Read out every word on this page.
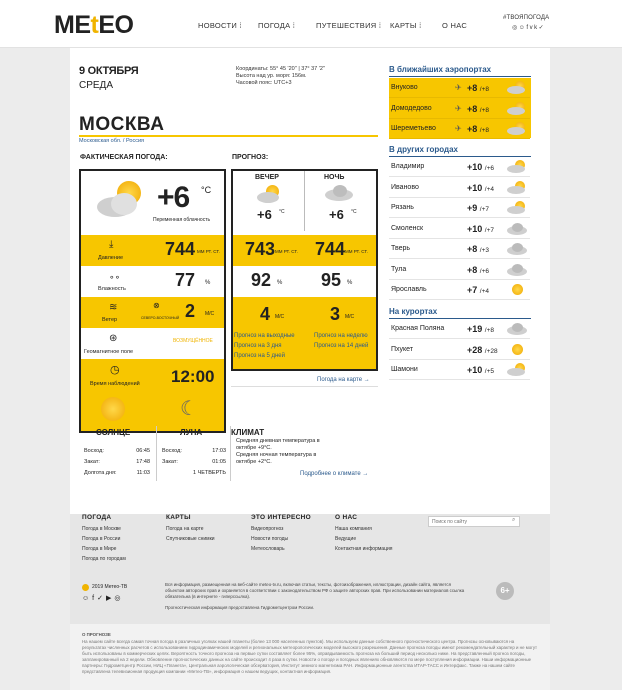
MEtEO	НОВОСТИ ⁞ ПОГОДА ⁞	ПУТЕШЕСТВИЯ ⁞ КАРТЫ ⁞	О НАС
#ТВОЯПОГОДА
◎☺fvk✓
9 ОКТЯБРЯ
СРЕДА
Координаты: 55° 45 '20'' | 37° 37 '2''
Высота над ур. моря: 156м.
Часовой пояс: UTC+3
МОСКВА
Московская обл. / Россия
ФАКТИЧЕСКАЯ ПОГОДА:
+6 °C
Переменная облачность
⤓
Давление 744 ММ РТ. СТ.
∘∘
Влажность	77 %
≋
Ветер
⊗
СЕВЕРО-ВОСТОЧНЫЙ 2 М/С
⊛
Геомагнитное поле
ВОЗМУЩЁННОЕ
◷
Время наблюдений 12:00
ПРОГНОЗ:
ВЕЧЕР	НОЧЬ
+6	+6
°C	°C
743 ММ РТ. СТ. 744 ММ РТ. СТ.
92 % 95 %
4 М/С	3 М/С
Прогноз на выходные
Прогноз на 3 дня
Прогноз на 5 дней
Прогноз на неделю
Прогноз на 14 дней
Погода на карте →
☾
СОЛНЦЕ	ЛУНА	КЛИМАТ
Восход:	06:45
Закат:	17:48
Долгота дня:	11:03
Восход:	17:03
Закат:	01:05
1 ЧЕТВЕРТЬ
Средняя дневная температура в октябре +9°C.
Средняя ночная температура в октябре +2°C.
Подробнее о климате →
В ближайших аэропортах
Внуково	✈ +8 /+8
Домодедово	✈ +8 /+8
Шереметьево ✈ +8 /+8
В других городах
Владимир	+10 /+6
Иваново	+10 /+4
Рязань	+9 /+7
Смоленск	+10 /+7
Тверь	+8 /+3
Тула	+8 /+6
Ярославль	+7 /+4
На курортах
Красная Поляна	+19 /+8
Пхукет	+28 /+28
Шамони	+10 /+5
ПОГОДА
Погода в Москве
Погода в России
Погода в Мире
Погода по городам
КАРТЫ
Погода на карте
Спутниковые снимки
ЭТО ИНТЕРЕСНО
Видеопрогноз
Новости погоды
Метеословарь
О НАС
Наша компания
Ведущие
Контактная информация
Поиск по сайту
⌕
2019 Метео-ТВ
☺f✓▶◎
Вся информация, размещенная на веб-сайте meteo-tv.ru, включая статьи, тексты, фотоизображения, иллюстрации, дизайн сайта, является объектом авторских прав и охраняется в соответствии с законодательством РФ о защите авторских прав. При использовании материалов ссылка обязательна (в интернете - гиперссылка).
Прогностическая информация предоставлена Гидрометцентром России.
6+
О ПРОГНОЗЕ
На нашем сайте всегда самая точная погода в различных уголках нашей планеты (более 13 000 населенных пунктов). Мы используем данные собственного прогностического центра. Прогнозы основываются на результатах численных расчетов с использованием гидродинамических моделей и региональных метеорологических моделей высокого разрешения. Данные прогноза погоды имеют рекомендательный характер и не могут быть использованы в коммерческих целях. Вероятность точного прогноза на первые сутки составляет более 95%, оправдываемость прогноза на больший период несколько ниже. На представленный прогноз погоды, запланированный на 2 недели. Обновление прогностических данных на сайте происходит 4 раза в сутки. Новости о погоде и погодных явлениях обновляются по мере поступления информации. Наши информационные партнеры: Гидрометцентр России, НИЦ «Планета», Центральная аэрологическая обсерватория, Институт земного магнетизма РАН. Информационные агентства ИТАР-ТАСС и Интерфакс. Также на нашем сайте представлена телевизионная продукция компании «Метео-ТВ», информация о нашем ведущих, контактная информация.
